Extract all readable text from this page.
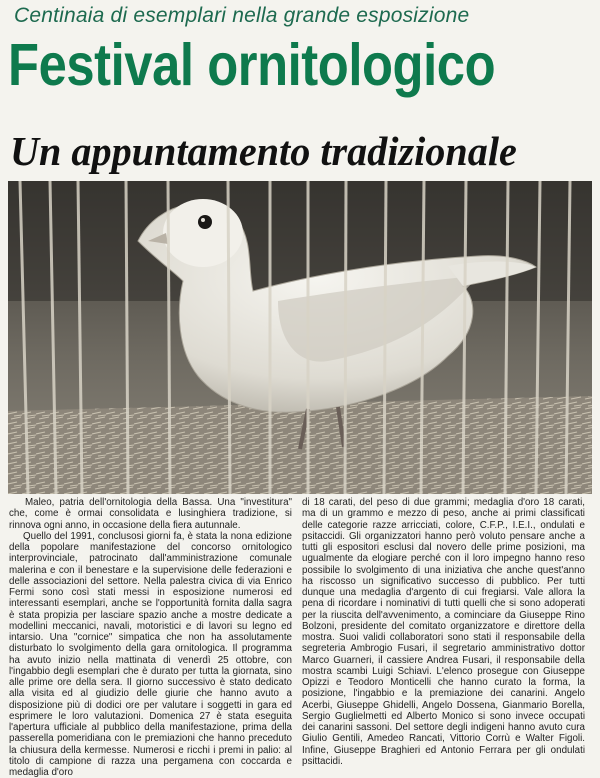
Centinaia di esemplari nella grande esposizione
Festival ornitologico
Un appuntamento tradizionale

Maleo, patria dell'ornitologia della Bassa. Una "investitura" che, come è ormai consolidata e lusinghiera tradizione, si rinnova ogni anno, in occasione della fiera autunnale.

Quello del 1991, conclusosi giorni fa, è stata la nona edizione della popolare manifestazione del concorso ornitologico interprovinciale, patrocinato dall'amministrazione comunale malerina e con il benestare e la supervisione delle federazioni e delle associazioni del settore. Nella palestra civica di via Enrico Fermi sono così stati messi in esposizione numerosi ed interessanti esemplari, anche se l'opportunità fornita dalla sagra è stata propizia per lasciare spazio anche a mostre dedicate a modellini meccanici, navali, motoristici e di lavori su legno ed intarsio. Una "cornice" simpatica che non ha assolutamente disturbato lo svolgimento della gara ornitologica. Il programma ha avuto inizio nella mattinata di venerdì 25 ottobre, con l'ingabbio degli esemplari che è durato per tutta la giornata, sino alle prime ore della sera. Il giorno successivo è stato dedicato alla visita ed al giudizio delle giurie che hanno avuto a disposizione più di dodici ore per valutare i soggetti in gara ed esprimere le loro valutazioni. Domenica 27 è stata eseguita l'apertura ufficiale al pubblico della manifestazione, prima della passerella pomeridiana con le premiazioni che hanno preceduto la chiusura della kermesse. Numerosi e ricchi i premi in palio: al titolo di campione di razza una pergamena con coccarda e medaglia d'oro

di 18 carati, del peso di due grammi; medaglia d'oro 18 carati, ma di un grammo e mezzo di peso, anche ai primi classificati delle categorie razze arricciati, colore, C.F.P., I.E.I., ondulati e psitaccidi. Gli organizzatori hanno però voluto pensare anche a tutti gli espositori esclusi dal novero delle prime posizioni, ma ugualmente da elogiare perché con il loro impegno hanno reso possibile lo svolgimento di una iniziativa che anche quest'anno ha riscosso un significativo successo di pubblico. Per tutti dunque una medaglia d'argento di cui fregiarsi. Vale allora la pena di ricordare i nominativi di tutti quelli che si sono adoperati per la riuscita dell'avvenimento, a cominciare da Giuseppe Rino Bolzoni, presidente del comitato organizzatore e direttore della mostra. Suoi validi collaboratori sono stati il responsabile della segreteria Ambrogio Fusari, il segretario amministrativo dottor Marco Guarneri, il cassiere Andrea Fusari, il responsabile della mostra scambi Luigi Schiavi. L'elenco prosegue con Giuseppe Opizzi e Teodoro Monticelli che hanno curato la forma, la posizione, l'ingabbio e la premiazione dei canarini. Angelo Acerbi, Giuseppe Ghidelli, Angelo Dossena, Gianmario Borella, Sergio Guglielmetti ed Alberto Monico si sono invece occupati dei canarini sassoni. Del settore degli indigeni hanno avuto cura Giulio Gentili, Amedeo Rancati, Vittorio Corrù e Walter Figoli. Infine, Giuseppe Braghieri ed Antonio Ferrara per gli ondulati psittacidi.
